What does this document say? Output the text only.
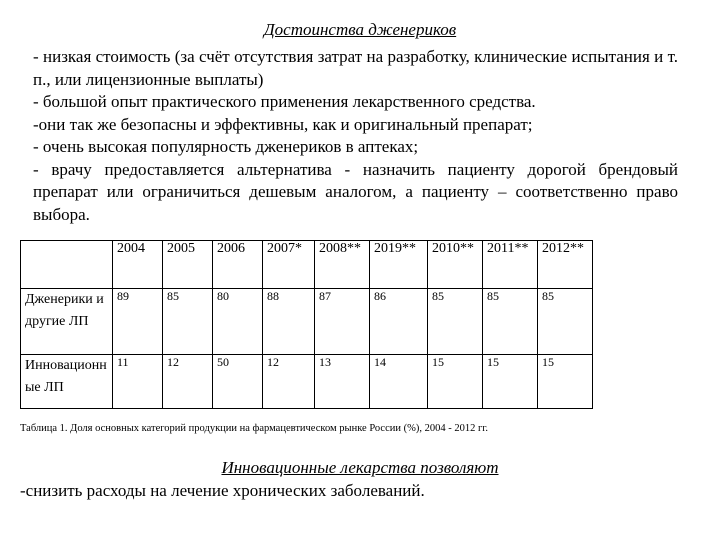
Достоинства дженериков

- низкая стоимость (за счёт отсутствия затрат на разработку, клинические испытания и т. п., или лицензионные выплаты)

- большой опыт практического применения лекарственного средства.

-они так же безопасны и эффективны, как и оригинальный препарат;

- очень высокая популярность дженериков в аптеках;

- врачу предоставляется альтернатива - назначить пациенту дорогой брендовый препарат или ограничиться дешевым аналогом, а пациенту – соответственно право выбора.

	2004	2005	2006	2007*	2008**	2019**	2010**	2011**	2012**
Дженерики и другие ЛП	89	85	80	88	87	86	85	85	85
Инновационн ые ЛП	11	12	50	12	13	14	15	15	15
Таблица 1. Доля основных категорий продукции на фармацевтическом рынке России (%), 2004 - 2012 гг.
Инновационные лекарства позволяют
-снизить расходы на лечение хронических заболеваний.
